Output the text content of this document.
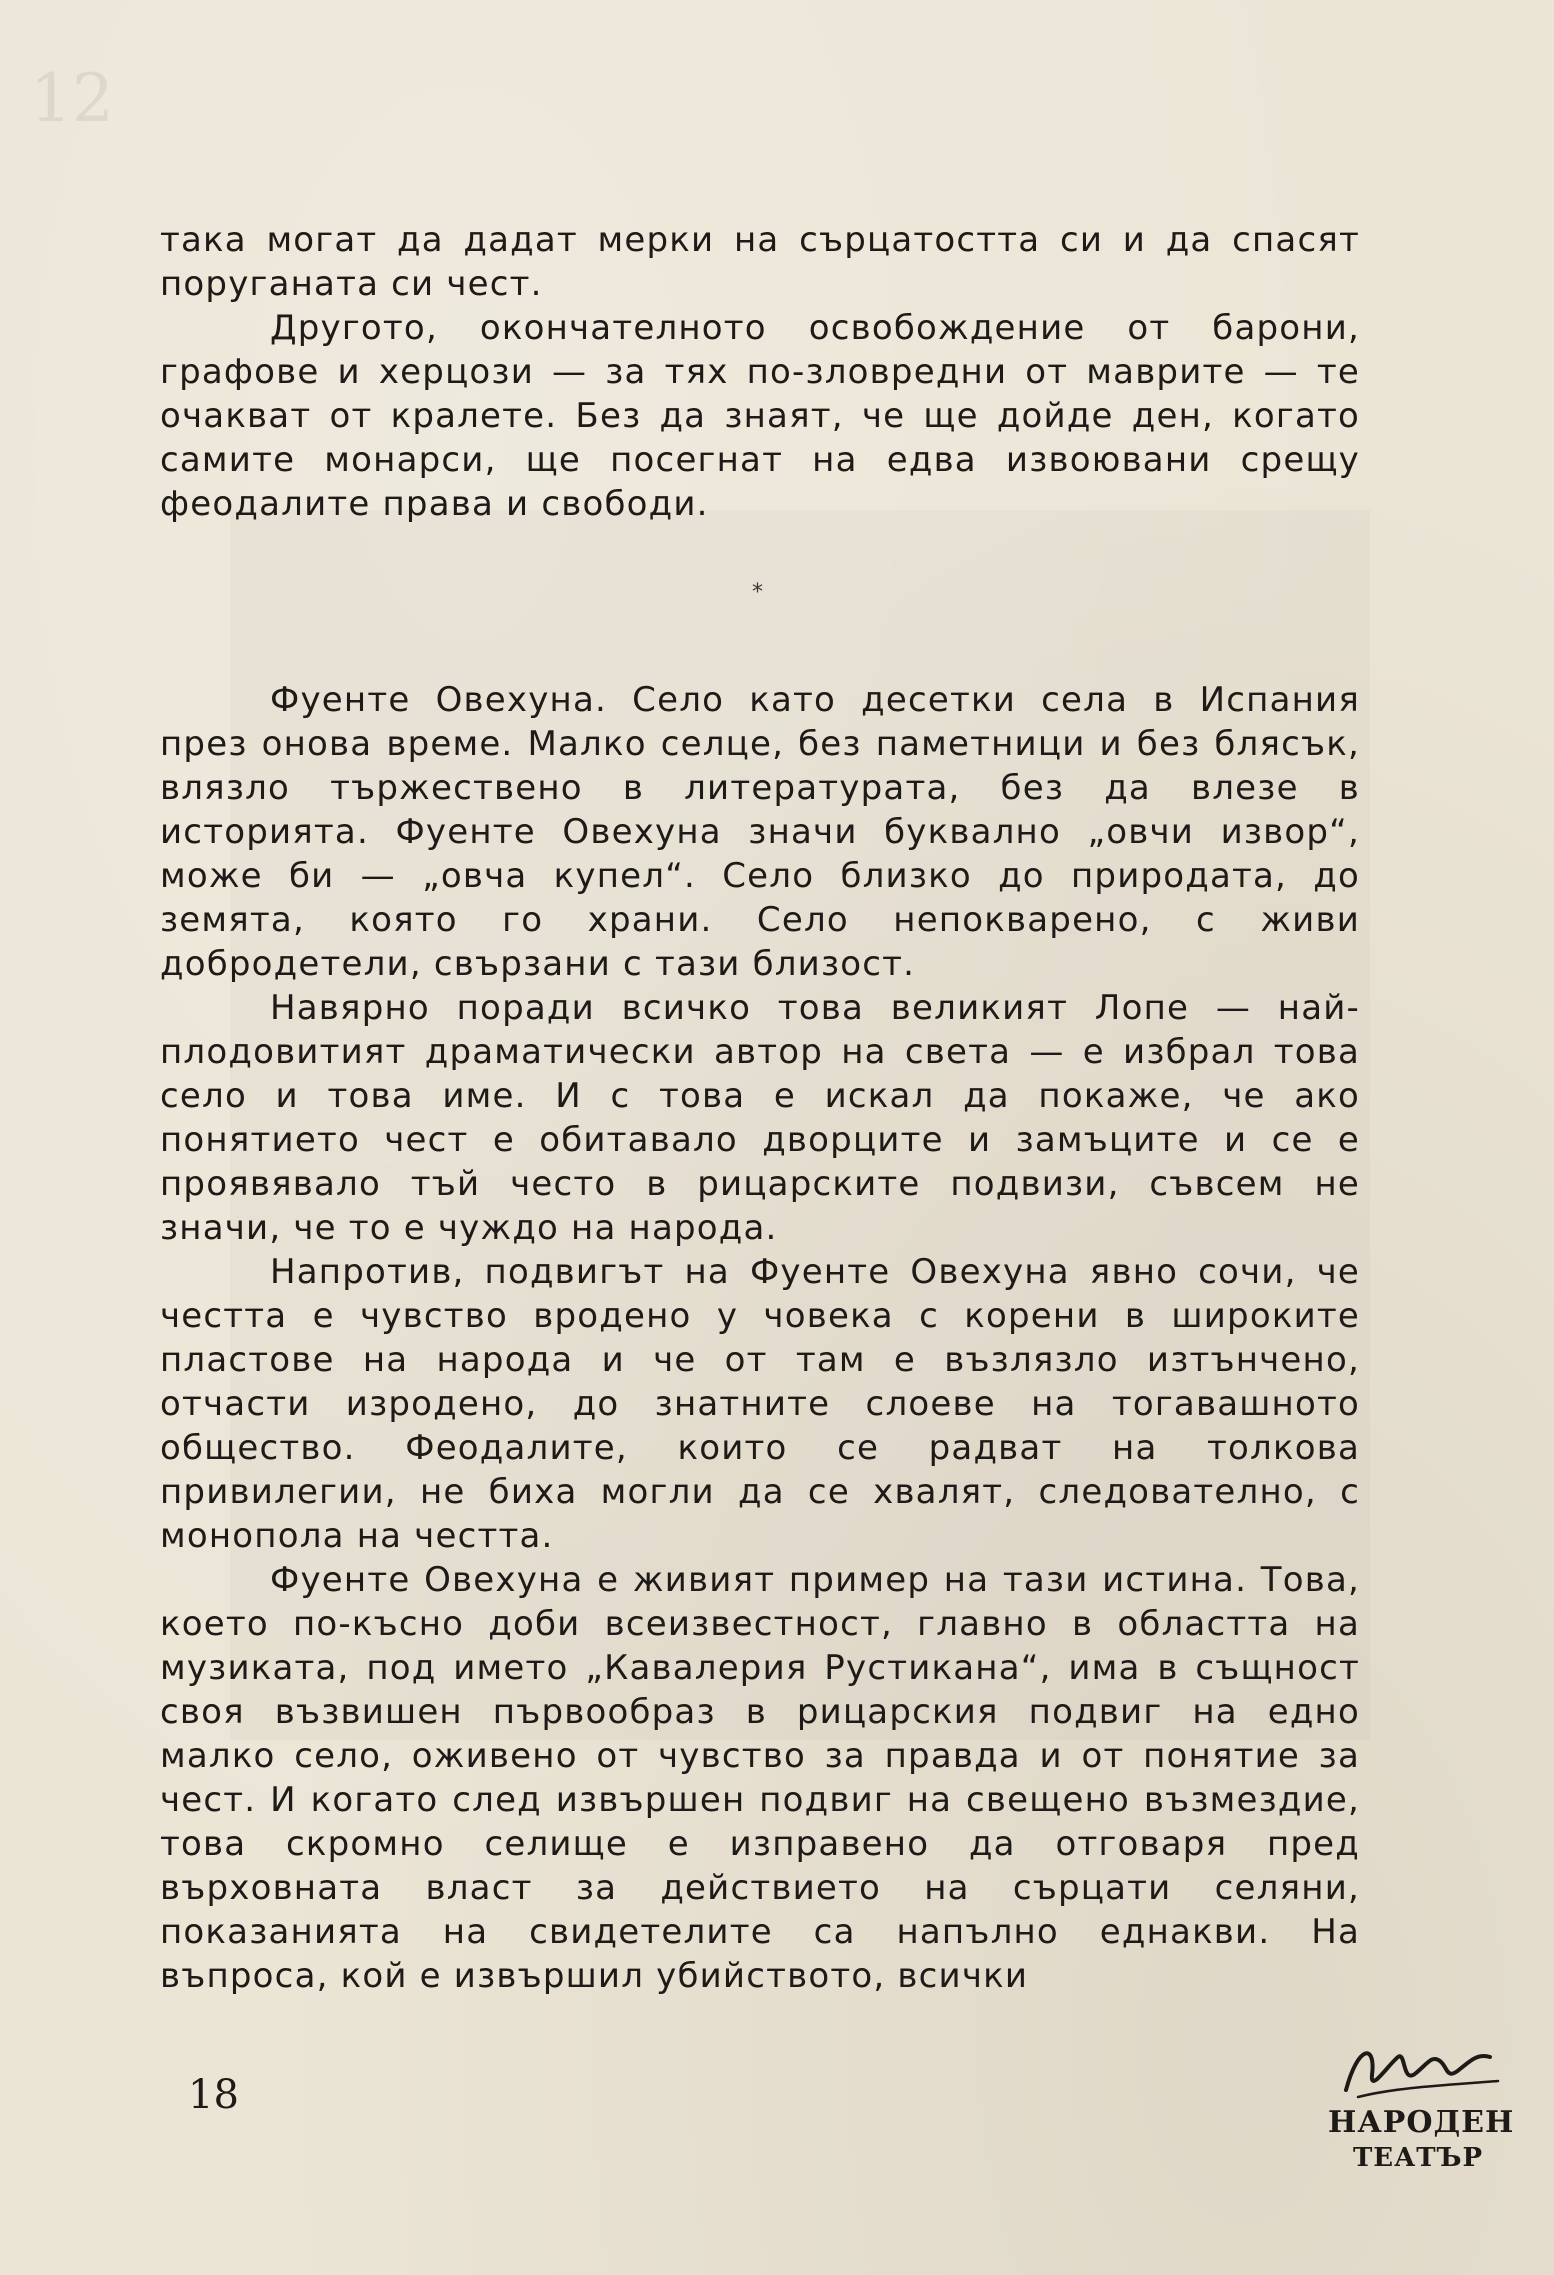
12

така могат да дадат мерки на сърцатостта си и да спасят поруганата си чест.

Другото, окончателното освобождение от барони, графове и херцози — за тях по-зловредни от маврите — те очакват от кралете. Без да знаят, че ще дойде ден, когато самите монарси, ще посегнат на едва извоювани срещу феодалите права и свободи.

*

Фуенте Овехуна. Село като десетки села в Испания през онова време. Малко селце, без паметници и без блясък, влязло тържествено в литературата, без да влезе в историята. Фуенте Овехуна значи буквално „овчи извор“, може би — „овча купел“. Село близко до природата, до земята, която го храни. Село непокварено, с живи добродетели, свързани с тази близост.

Навярно поради всичко това великият Лопе — най-плодовитият драматически автор на света — е избрал това село и това име. И с това е искал да покаже, че ако понятието чест е обитавало дворците и замъците и се е проявявало тъй често в рицарските подвизи, съвсем не значи, че то е чуждо на народа.

Напротив, подвигът на Фуенте Овехуна явно сочи, че честта е чувство вродено у човека с корени в широките пластове на народа и че от там е възлязло изтънчено, отчасти изродено, до знатните слоеве на тогавашното общество. Феодалите, които се радват на толкова привилегии, не биха могли да се хвалят, следователно, с монопола на честта.

Фуенте Овехуна е живият пример на тази истина. Това, което по-късно доби всеизвестност, главно в областта на музиката, под името „Кавалерия Рустикана“, има в същност своя възвишен първообраз в рицарския подвиг на едно малко село, оживено от чувство за правда и от понятие за чест. И когато след извършен подвиг на свещено възмездие, това скромно селище е изправено да отговаря пред върховната власт за действието на сърцати селяни, показанията на свидетелите са напълно еднакви. На въпроса, кой е извършил убийството, всички

18
НАРОДЕН
ТЕАТЪР
